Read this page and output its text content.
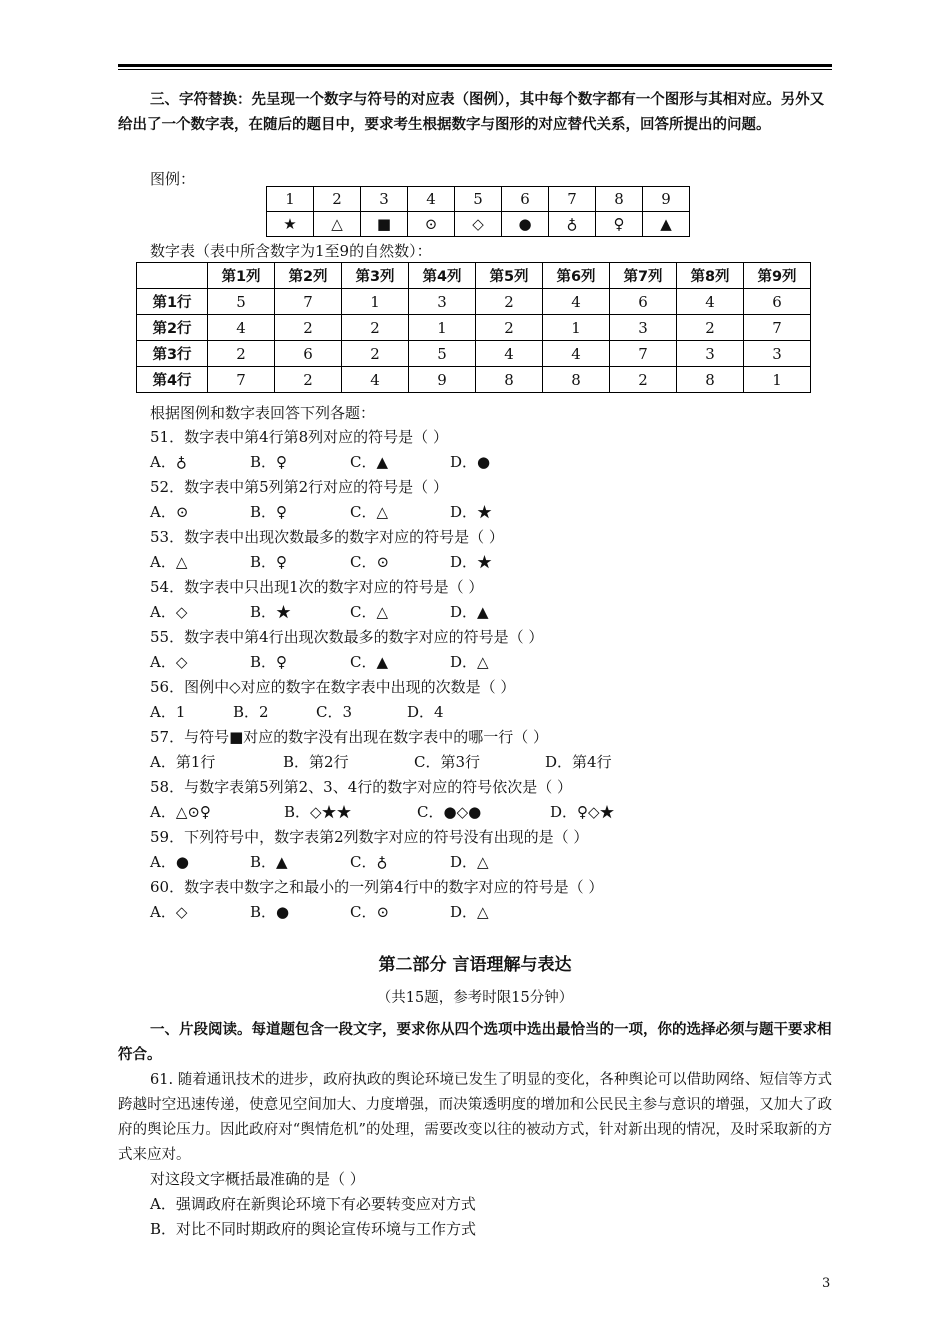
三、字符替换：先呈现一个数字与符号的对应表（图例），其中每个数字都有一个图形与其相对应。另外又给出了一个数字表，在随后的题目中，要求考生根据数字与图形的对应替代关系，回答所提出的问题。
图例：
1	2	3	4	5	6	7	8	9
★	△	■	⊙	◇	●	♁	♀	▲
数字表（表中所含数字为1至9的自然数）：
	第1列	第2列	第3列	第4列	第5列	第6列	第7列	第8列	第9列
第1行	5	7	1	3	2	4	6	4	6
第2行	4	2	2	1	2	1	3	2	7
第3行	2	6	2	5	4	4	7	3	3
第4行	7	2	4	9	8	8	2	8	1
根据图例和数字表回答下列各题：
51．数字表中第4行第8列对应的符号是（ ）
A．♁	B．♀	C．▲	D．●
52．数字表中第5列第2行对应的符号是（ ）
A．⊙	B．♀	C．△	D．★
53．数字表中出现次数最多的数字对应的符号是（ ）
A．△	B．♀	C．⊙	D．★
54．数字表中只出现1次的数字对应的符号是（ ）
A．◇	B．★	C．△	D．▲
55．数字表中第4行出现次数最多的数字对应的符号是（ ）
A．◇	B．♀	C．▲	D．△
56．图例中◇对应的数字在数字表中出现的次数是（ ）
A．1	B．2	C．3	D．4
57．与符号■对应的数字没有出现在数字表中的哪一行（ ）
A．第1行	B．第2行	C．第3行	D．第4行
58．与数字表第5列第2、3、4行的数字对应的符号依次是（ ）
A．△⊙♀	B．◇★★	C．●◇●	D．♀◇★
59．下列符号中，数字表第2列数字对应的符号没有出现的是（ ）
A．●	B．▲	C．♁	D．△
60．数字表中数字之和最小的一列第4行中的数字对应的符号是（ ）
A．◇	B．●	C．⊙	D．△
第二部分 言语理解与表达
（共15题，参考时限15分钟）
一、片段阅读。每道题包含一段文字，要求你从四个选项中选出最恰当的一项，你的选择必须与题干要求相符合。
61. 随着通讯技术的进步，政府执政的舆论环境已发生了明显的变化，各种舆论可以借助网络、短信等方式跨越时空迅速传递，使意见空间加大、力度增强，而决策透明度的增加和公民民主参与意识的增强，又加大了政府的舆论压力。因此政府对“舆情危机”的处理，需要改变以往的被动方式，针对新出现的情况，及时采取新的方式来应对。
对这段文字概括最准确的是（ ）
A．强调政府在新舆论环境下有必要转变应对方式
B．对比不同时期政府的舆论宣传环境与工作方式
3
